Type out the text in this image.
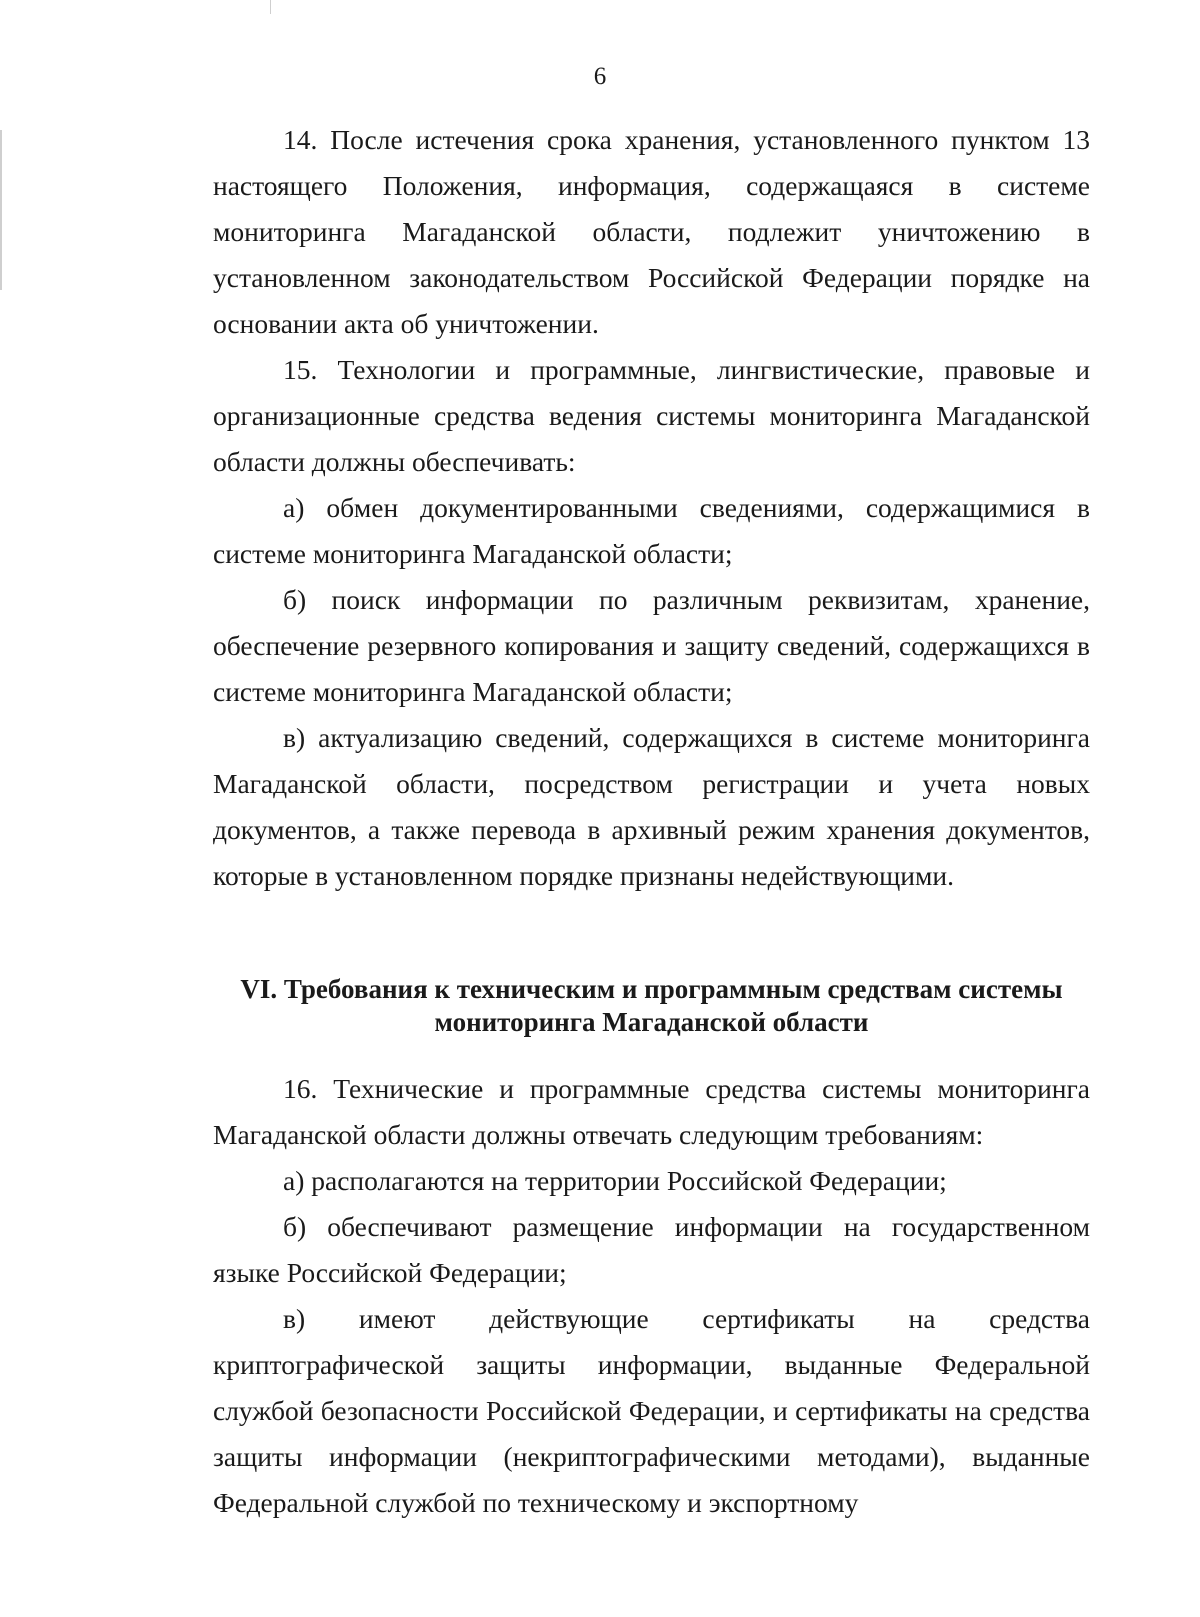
6

14. После истечения срока хранения, установленного пунктом 13 настоящего Положения, информация, содержащаяся в системе мониторинга Магаданской области, подлежит уничтожению в установленном законодательством Российской Федерации порядке на основании акта об уничтожении.

15. Технологии и программные, лингвистические, правовые и организационные средства ведения системы мониторинга Магаданской области должны обеспечивать:

а) обмен документированными сведениями, содержащимися в системе мониторинга Магаданской области;

б) поиск информации по различным реквизитам, хранение, обеспечение резервного копирования и защиту сведений, содержащихся в системе мониторинга Магаданской области;

в) актуализацию сведений, содержащихся в системе мониторинга Магаданской области, посредством регистрации и учета новых документов, а также перевода в архивный режим хранения документов, которые в установленном порядке признаны недействующими.

VI. Требования к техническим и программным средствам системы
мониторинга Магаданской области

16. Технические и программные средства системы мониторинга Магаданской области должны отвечать следующим требованиям:

а) располагаются на территории Российской Федерации;

б) обеспечивают размещение информации на государственном языке Российской Федерации;

в) имеют действующие сертификаты на средства криптографической защиты информации, выданные Федеральной службой безопасности Российской Федерации, и сертификаты на средства защиты информации (некриптографическими методами), выданные Федеральной службой по техническому и экспортному
